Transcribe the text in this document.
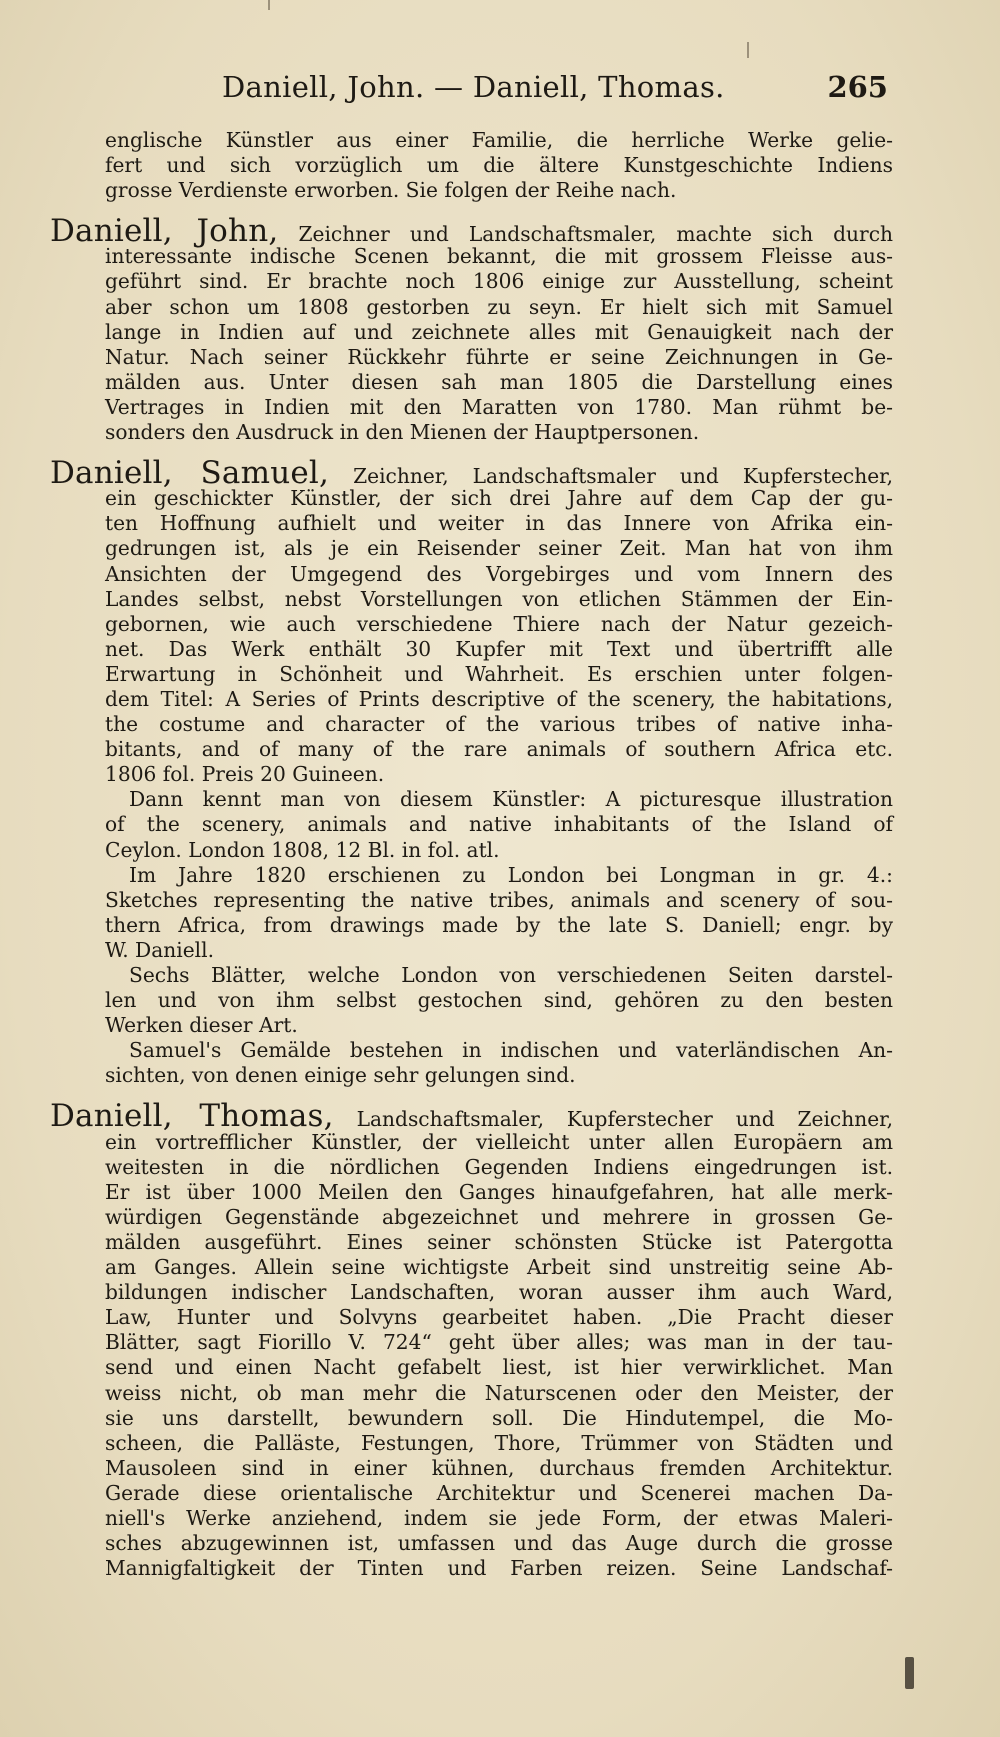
Daniell, John. — Daniell, Thomas.	265
englische Künstler aus einer Familie, die herrliche Werke gelie-
fert und sich vorzüglich um die ältere Kunstgeschichte Indiens
grosse Verdienste erworben. Sie folgen der Reihe nach.
Daniell, John, Zeichner und Landschaftsmaler, machte sich durch
interessante indische Scenen bekannt, die mit grossem Fleisse aus-
geführt sind. Er brachte noch 1806 einige zur Ausstellung, scheint
aber schon um 1808 gestorben zu seyn. Er hielt sich mit Samuel
lange in Indien auf und zeichnete alles mit Genauigkeit nach der
Natur. Nach seiner Rückkehr führte er seine Zeichnungen in Ge-
mälden aus. Unter diesen sah man 1805 die Darstellung eines
Vertrages in Indien mit den Maratten von 1780. Man rühmt be-
sonders den Ausdruck in den Mienen der Hauptpersonen.
Daniell, Samuel, Zeichner, Landschaftsmaler und Kupferstecher,
ein geschickter Künstler, der sich drei Jahre auf dem Cap der gu-
ten Hoffnung aufhielt und weiter in das Innere von Afrika ein-
gedrungen ist, als je ein Reisender seiner Zeit. Man hat von ihm
Ansichten der Umgegend des Vorgebirges und vom Innern des
Landes selbst, nebst Vorstellungen von etlichen Stämmen der Ein-
gebornen, wie auch verschiedene Thiere nach der Natur gezeich-
net. Das Werk enthält 30 Kupfer mit Text und übertrifft alle
Erwartung in Schönheit und Wahrheit. Es erschien unter folgen-
dem Titel: A Series of Prints descriptive of the scenery, the habitations,
the costume and character of the various tribes of native inha-
bitants, and of many of the rare animals of southern Africa etc.
1806 fol. Preis 20 Guineen.
Dann kennt man von diesem Künstler: A picturesque illustration
of the scenery, animals and native inhabitants of the Island of
Ceylon. London 1808, 12 Bl. in fol. atl.
Im Jahre 1820 erschienen zu London bei Longman in gr. 4.:
Sketches representing the native tribes, animals and scenery of sou-
thern Africa, from drawings made by the late S. Daniell; engr. by
W. Daniell.
Sechs Blätter, welche London von verschiedenen Seiten darstel-
len und von ihm selbst gestochen sind, gehören zu den besten
Werken dieser Art.
Samuel's Gemälde bestehen in indischen und vaterländischen An-
sichten, von denen einige sehr gelungen sind.
Daniell, Thomas, Landschaftsmaler, Kupferstecher und Zeichner,
ein vortrefflicher Künstler, der vielleicht unter allen Europäern am
weitesten in die nördlichen Gegenden Indiens eingedrungen ist.
Er ist über 1000 Meilen den Ganges hinaufgefahren, hat alle merk-
würdigen Gegenstände abgezeichnet und mehrere in grossen Ge-
mälden ausgeführt. Eines seiner schönsten Stücke ist Patergotta
am Ganges. Allein seine wichtigste Arbeit sind unstreitig seine Ab-
bildungen indischer Landschaften, woran ausser ihm auch Ward,
Law, Hunter und Solvyns gearbeitet haben. „Die Pracht dieser
Blätter, sagt Fiorillo V. 724“ geht über alles; was man in der tau-
send und einen Nacht gefabelt liest, ist hier verwirklichet. Man
weiss nicht, ob man mehr die Naturscenen oder den Meister, der
sie uns darstellt, bewundern soll. Die Hindutempel, die Mo-
scheen, die Palläste, Festungen, Thore, Trümmer von Städten und
Mausoleen sind in einer kühnen, durchaus fremden Architektur.
Gerade diese orientalische Architektur und Scenerei machen Da-
niell's Werke anziehend, indem sie jede Form, der etwas Maleri-
sches abzugewinnen ist, umfassen und das Auge durch die grosse
Mannigfaltigkeit der Tinten und Farben reizen. Seine Landschaf-
